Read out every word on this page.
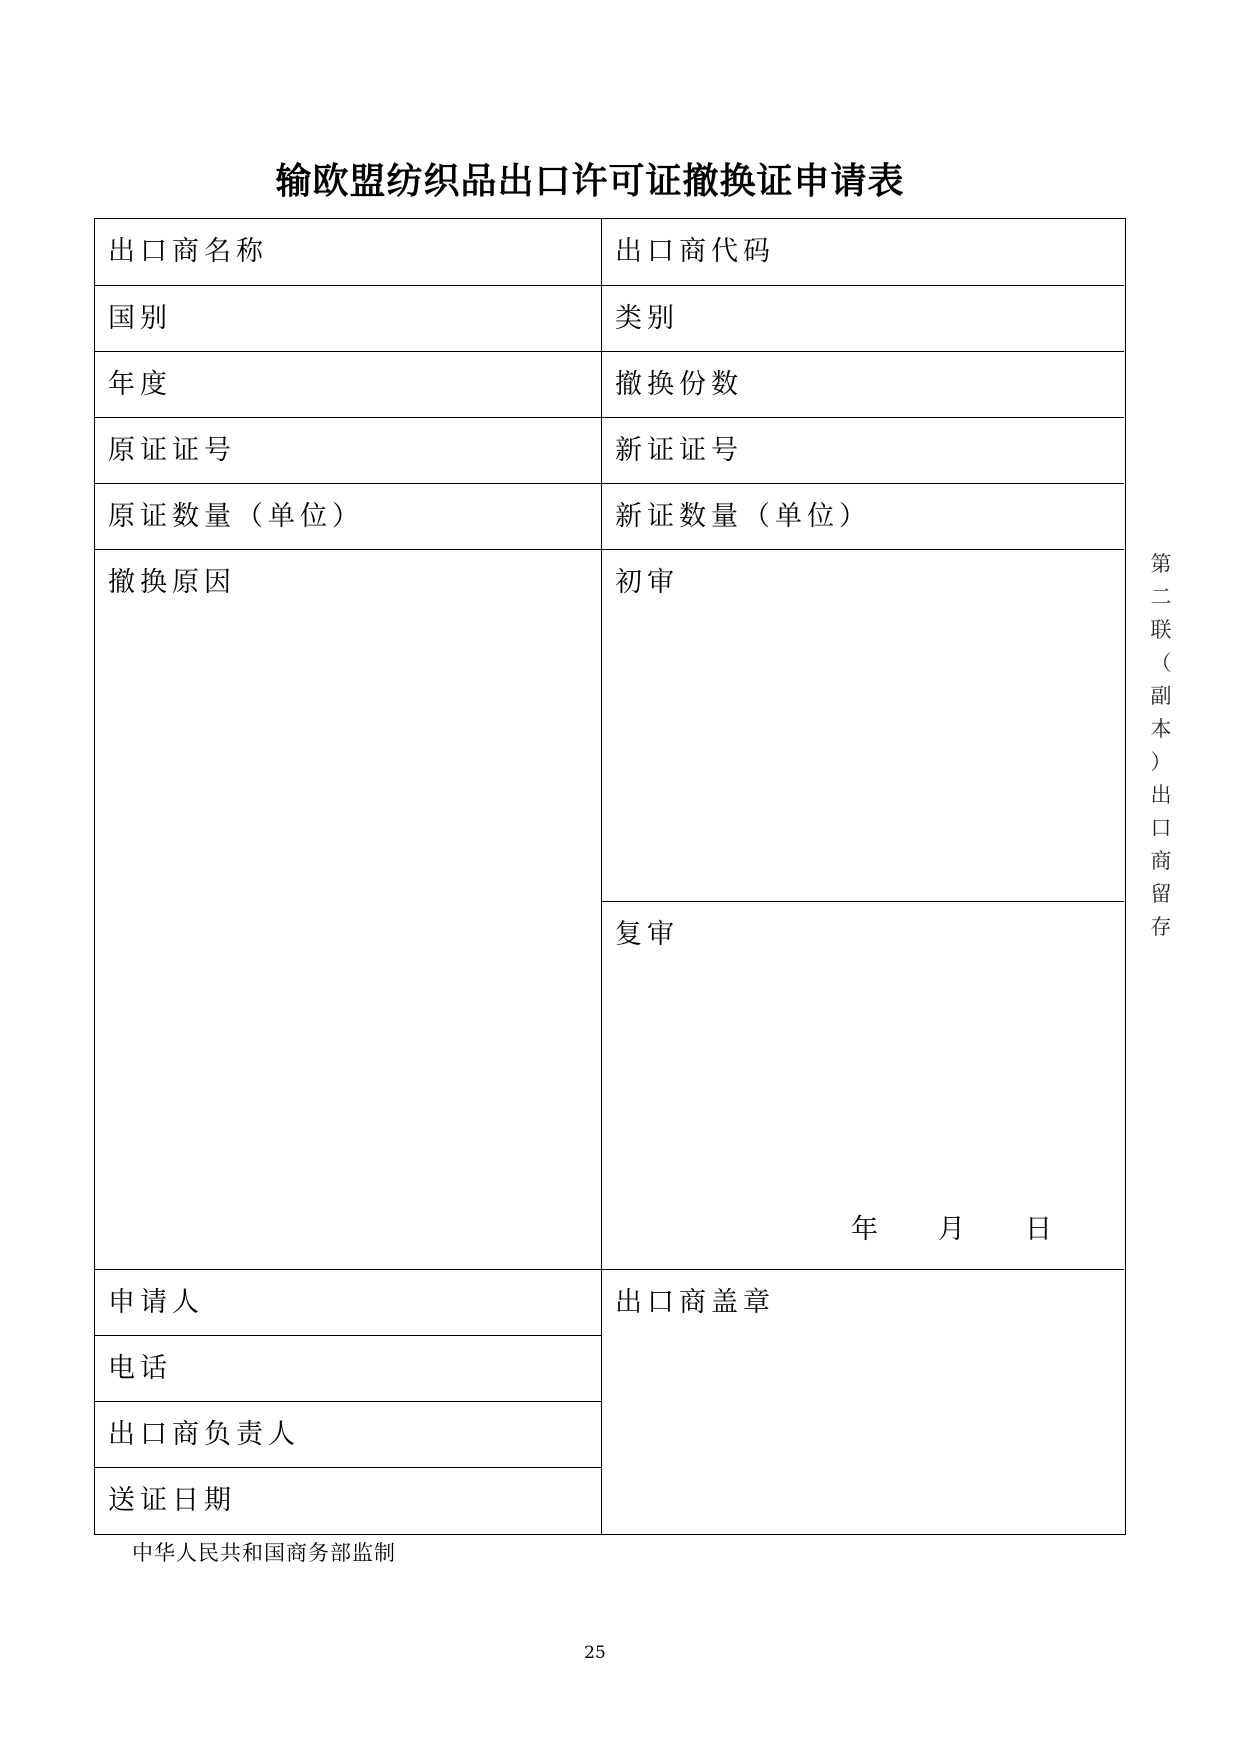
输欧盟纺织品出口许可证撤换证申请表
出口商名称	出口商代码
国别	类别
年度	撤换份数
原证证号	新证证号
原证数量（单位）	新证数量（单位）
撤换原因	初审
复审
年 月 日
申请人
电话
出口商负责人
送证日期
出口商盖章
第
二
联
（
副
本
）
出
口
商
留
存
中华人民共和国商务部监制
25
